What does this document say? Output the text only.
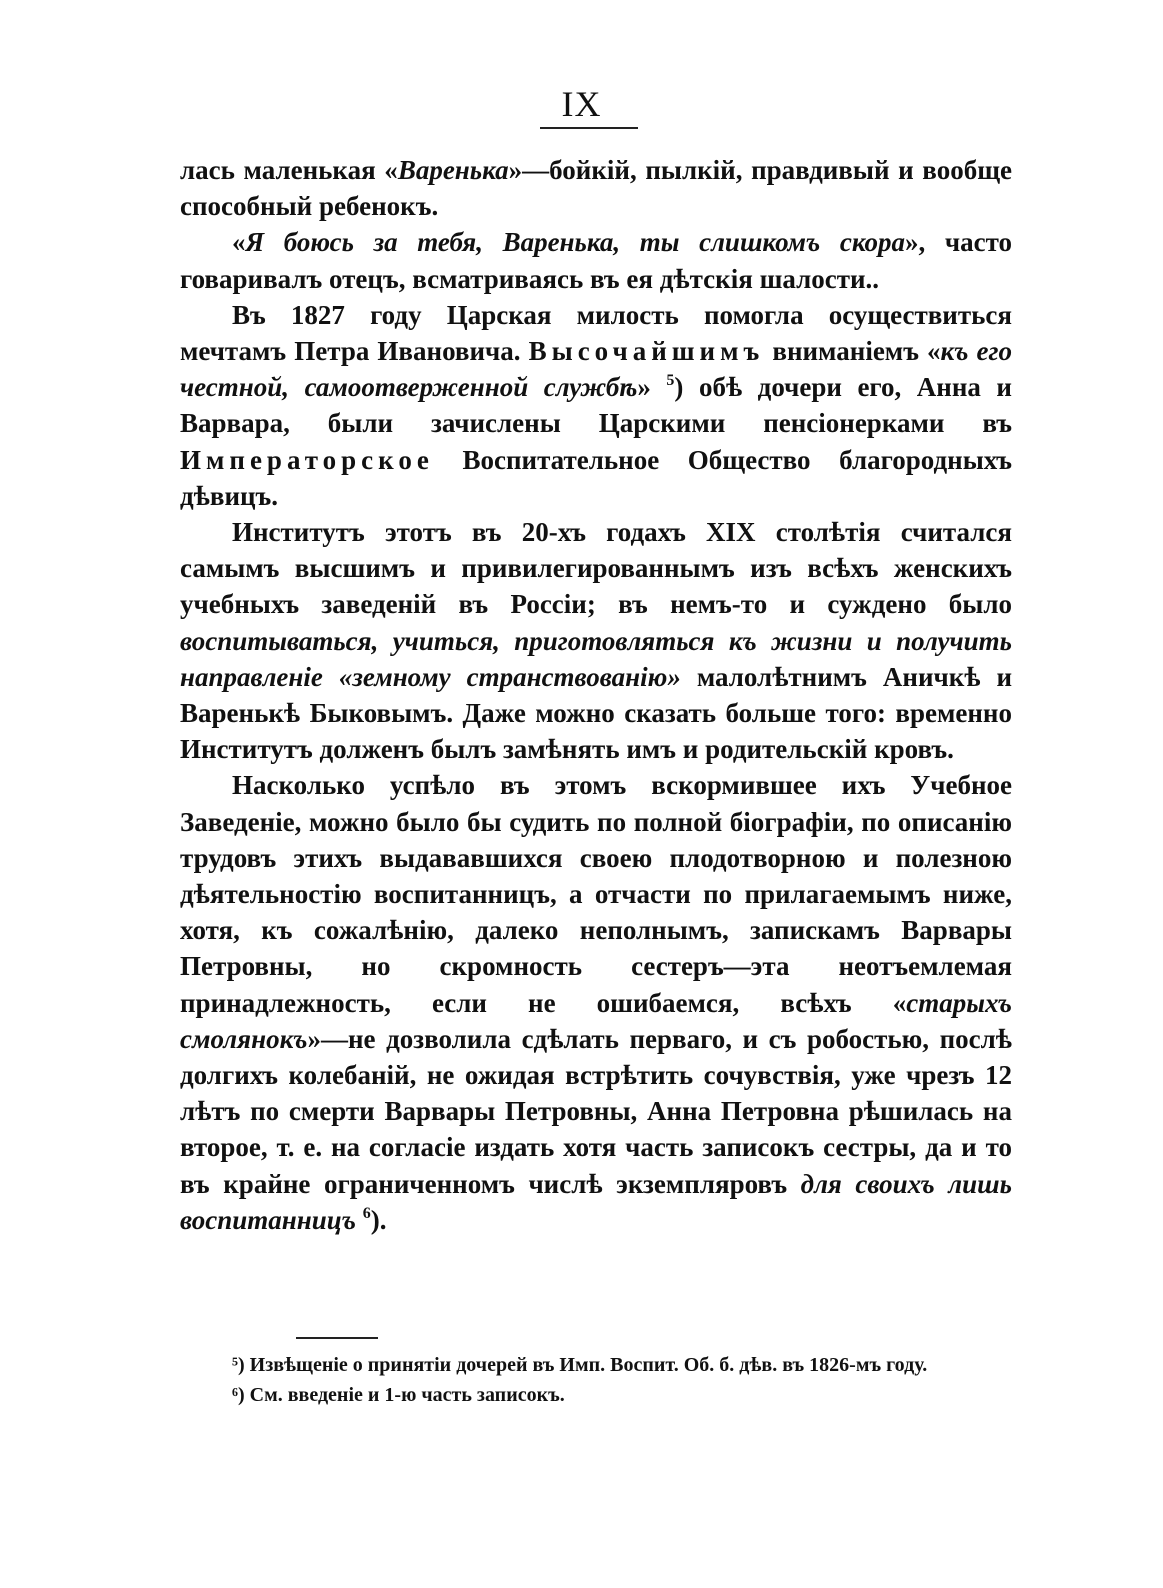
IX

лась маленькая «Варенька»—бойкій, пылкій, правдивый и вообще способный ребенокъ.

«Я боюсь за тебя, Варенька, ты слишкомъ скора», часто говаривалъ отецъ, всматриваясь въ ея дѣтскія шалости..

Въ 1827 году Царская милость помогла осуществиться мечтамъ Петра Ивановича. Высочайшимъ вниманіемъ «къ его честной, самоотверженной службѣ» $^5$) обѣ дочери его, Анна и Варвара, были зачислены Царскими пенсіонерками въ Императорское Воспитательное Общество благородныхъ дѣвицъ.

Институтъ этотъ въ 20-хъ годахъ XIX столѣтія считался самымъ высшимъ и привилегированнымъ изъ всѣхъ женскихъ учебныхъ заведеній въ Россіи; въ немъ-то и суждено было воспитываться, учиться, приготовляться къ жизни и получить направленіе «земному странствованію» малолѣтнимъ Аничкѣ и Варенькѣ Быковымъ. Даже можно сказать больше того: временно Институтъ долженъ былъ замѣнять имъ и родительскій кровъ.

Насколько успѣло въ этомъ вскормившее ихъ Учебное Заведеніе, можно было бы судить по полной біографіи, по описанію трудовъ этихъ выдававшихся своею плодотворною и полезною дѣятельностію воспитанницъ, а отчасти по прилагаемымъ ниже, хотя, къ сожалѣнію, далеко неполнымъ, запискамъ Варвары Петровны, но скромность сестеръ—эта неотъемлемая принадлежность, если не ошибаемся, всѣхъ «старыхъ смолянокъ»—не дозволила сдѣлать перваго, и съ робостью, послѣ долгихъ колебаній, не ожидая встрѣтить сочувствія, уже чрезъ 12 лѣтъ по смерти Варвары Петровны, Анна Петровна рѣшилась на второе, т. е. на согласіе издать хотя часть записокъ сестры, да и то въ крайне ограниченномъ числѣ экземпляровъ для своихъ лишь воспитанницъ $^6$).

⁵) Извѣщеніе о принятіи дочерей въ Имп. Воспит. Об. б. дѣв. въ 1826-мъ году.

⁶) См. введеніе и 1-ю часть записокъ.
